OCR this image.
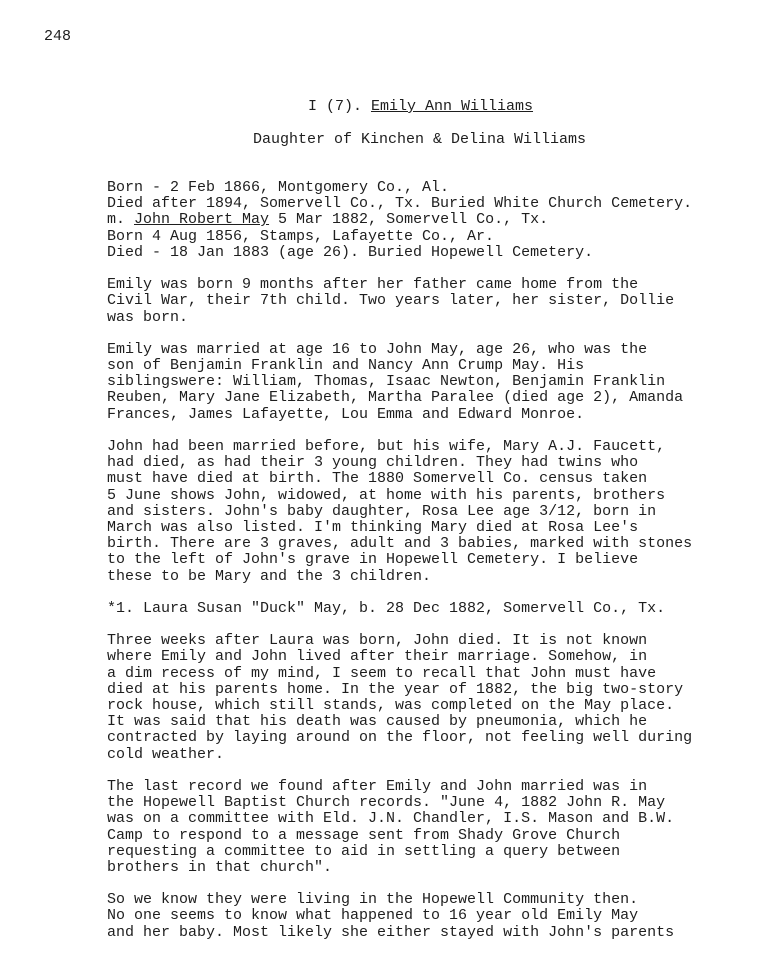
248
I (7). Emily Ann Williams
Daughter of Kinchen & Delina Williams
Born - 2 Feb 1866, Montgomery Co., Al.
Died after 1894, Somervell Co., Tx. Buried White Church Cemetery.
m. John Robert May 5 Mar 1882, Somervell Co., Tx.
Born 4 Aug 1856, Stamps, Lafayette Co., Ar.
Died - 18 Jan 1883 (age 26). Buried Hopewell Cemetery.
Emily was born 9 months after her father came home from the
Civil War, their 7th child. Two years later, her sister, Dollie
was born.
Emily was married at age 16 to John May, age 26, who was the
son of Benjamin Franklin and Nancy Ann Crump May. His
siblingswere: William, Thomas, Isaac Newton, Benjamin Franklin
Reuben, Mary Jane Elizabeth, Martha Paralee (died age 2), Amanda
Frances, James Lafayette, Lou Emma and Edward Monroe.
John had been married before, but his wife, Mary A.J. Faucett,
had died, as had their 3 young children. They had twins who
must have died at birth. The 1880 Somervell Co. census taken
5 June shows John, widowed, at home with his parents, brothers
and sisters. John's baby daughter, Rosa Lee age 3/12, born in
March was also listed. I'm thinking Mary died at Rosa Lee's
birth. There are 3 graves, adult and 3 babies, marked with stones
to the left of John's grave in Hopewell Cemetery. I believe
these to be Mary and the 3 children.
*1. Laura Susan "Duck" May, b. 28 Dec 1882, Somervell Co., Tx.
Three weeks after Laura was born, John died. It is not known
where Emily and John lived after their marriage. Somehow, in
a dim recess of my mind, I seem to recall that John must have
died at his parents home. In the year of 1882, the big two-story
rock house, which still stands, was completed on the May place.
It was said that his death was caused by pneumonia, which he
contracted by laying around on the floor, not feeling well during
cold weather.
The last record we found after Emily and John married was in
the Hopewell Baptist Church records. "June 4, 1882 John R. May
was on a committee with Eld. J.N. Chandler, I.S. Mason and B.W.
Camp to respond to a message sent from Shady Grove Church
requesting a committee to aid in settling a query between
brothers in that church".
So we know they were living in the Hopewell Community then.
No one seems to know what happened to 16 year old Emily May
and her baby. Most likely she either stayed with John's parents
